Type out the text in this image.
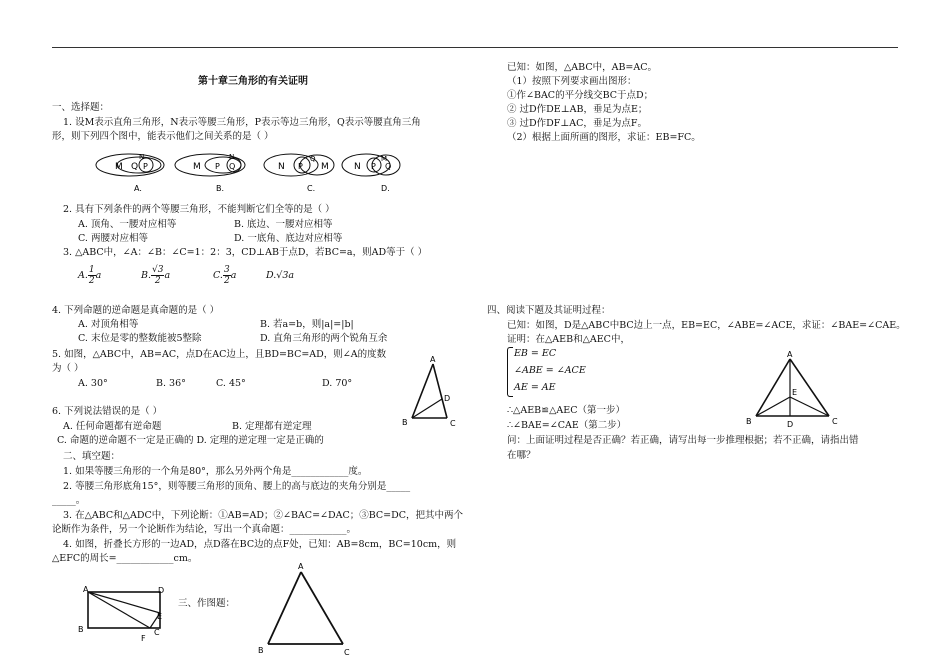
第十章三角形的有关证明
一、选择题：
1. 设M表示直角三角形，N表示等腰三角形，P表示等边三角形，Q表示等腰直角三角
形，则下列四个图中，能表示他们之间关系的是（ ）
M Q
N
P
A.
M P
N
Q
B.
N P
Q
M
C.
N P
M
Q
D.
2. 具有下列条件的两个等腰三角形，不能判断它们全等的是（ ）
A. 顶角、一腰对应相等	B. 底边、一腰对应相等
C. 两腰对应相等	D. 一底角、底边对应相等
3. △ABC中，∠A：∠B：∠C=1：2：3，CD⊥AB于点D，若BC=a，则AD等于（ ）
A. $\frac{1}{2}$ a	B. $\frac{√3}{2}$ a	C. $\frac{3}{2}$ a	D.√3a
4. 下列命题的逆命题是真命题的是（ ）
A. 对顶角相等	B. 若a=b，则|a|=|b|
C. 末位是零的整数能被5整除	D. 直角三角形的两个锐角互余
5. 如图，△ABC中，AB=AC，点D在AC边上，且BD=BC=AD，则∠A的度数
为（ ）
A. 30°	B. 36°	C. 45°	D. 70°
A
B	C
D
6. 下列说法错误的是（ ）
A. 任何命题都有逆命题	B. 定理都有逆定理
C. 命题的逆命题不一定是正确的 D. 定理的逆定理一定是正确的
二、填空题：
1. 如果等腰三角形的一个角是80°，那么另外两个角是____________度。
2. 等腰三角形底角15°，则等腰三角形的顶角、腰上的高与底边的夹角分别是_____
_____。
3. 在△ABC和△ADC中，下列论断：①AB=AD；②∠BAC=∠DAC；③BC=DC，把其中两个
论断作为条件，另一个论断作为结论，写出一个真命题：____________。
4. 如图，折叠长方形的一边AD，点D落在BC边的点F处，已知：AB=8cm，BC=10cm，则
△EFC的周长=____________cm。
A	D
B	C
E
F
三、作图题：
A
B	C
已知：如图，△ABC中，AB=AC。
（1）按照下列要求画出图形：
①作∠BAC的平分线交BC于点D；
② 过D作DE⊥AB，垂足为点E；
③ 过D作DF⊥AC，垂足为点F。
（2）根据上面所画的图形，求证：EB=FC。
四、阅读下题及其证明过程：
已知：如图，D是△ABC中BC边上一点，EB=EC，∠ABE=∠ACE，求证：∠BAE=∠CAE。
证明：在△AEB和△AEC中，
EB = EC
∠ABE = ∠ACE
AE = AE
∴△AEB≌△AEC（第一步）
∴∠BAE=∠CAE（第二步）
问：上面证明过程是否正确？若正确，请写出每一步推理根据；若不正确，请指出错
在哪？
A
B	C
D
E
